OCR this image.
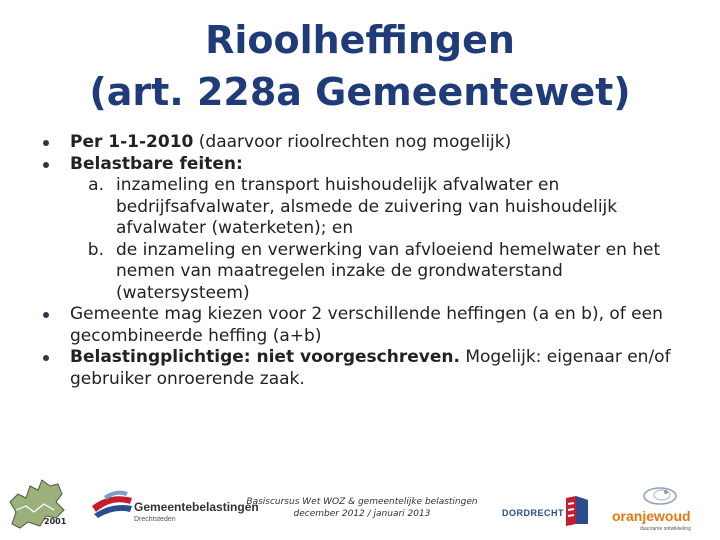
Rioolheffingen
(art. 228a Gemeentewet)
Per 1-1-2010 (daarvoor rioolrechten nog mogelijk)
Belastbare feiten:
a. inzameling en transport huishoudelijk afvalwater en
bedrijfsafvalwater, alsmede de zuivering van huishoudelijk
afvalwater (waterketen); en
b. de inzameling en verwerking van afvloeiend hemelwater en het
nemen van maatregelen inzake de grondwaterstand
(watersysteem)
Gemeente mag kiezen voor 2 verschillende heffingen (a en b), of een
gecombineerde heffing (a+b)
Belastingplichtige: niet voorgeschreven. Mogelijk: eigenaar en/of
gebruiker onroerende zaak.
2001
Gemeentebelastingen
Drechtsteden
Basiscursus Wet WOZ & gemeentelijke belastingen
december 2012 / januari 2013	DORDRECHT	oranjewoud
duurzame ontwikkeling
